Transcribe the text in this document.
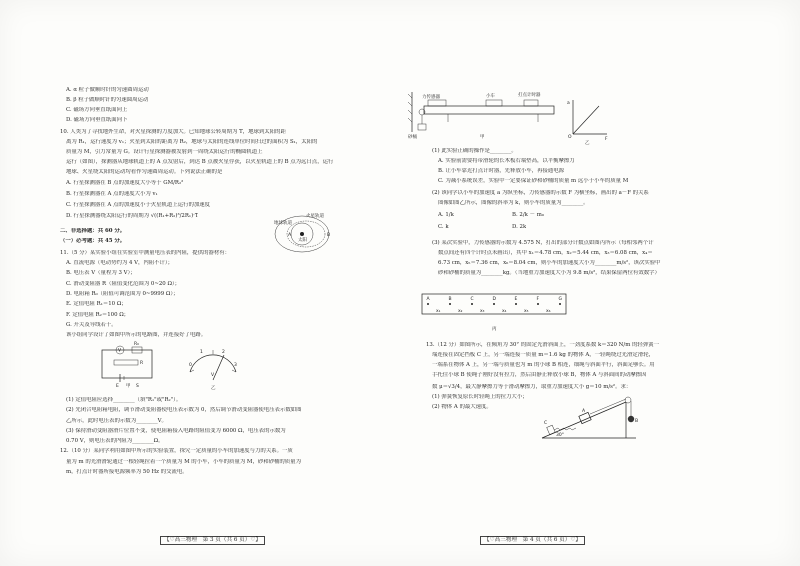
A. α 粒子做顺时针的匀速圆周运动
B. β 粒子做顺时针的匀速圆周运动
C. 磁场方向垂直纸面向上
D. 磁场方向垂直纸面向下
10. 人类为了寻找地外生命，对火星探测的力度加大。已知地球公转周期为 T，地球到太阳的距
离为 R₁，运行速度为 v₁；火星到太阳的距离为 R₂，地球与太阳的连线单位时间扫过的面积为 S₁，太阳的
质量为 M，引力常量为 G。设计行星探测器被发射到一周绕太阳运行的椭圆轨道上
运行（如图），探测器从地球轨道上的 A 点发射后，到达 B 点被火星俘获，以火星轨道上的 B 点为远日点，运行
地球、火星绕太阳的运动均看作匀速圆周运动。下列说法正确的是
A. 行星探测器在 B 点的加速度大小等于 GM/R₂²
B. 行星探测器在 A 点的速度大小为 v₁
C. 行星探测器在 A 点的加速度小于火星轨道上运行的加速度
D. 行星探测器绕太阳运行的周期为 √((R₁+R₂)³/2R₁)·T
二、非选择题：共 60 分。
（一）必考题：共 45 分。
11.（5 分）某实验小组在实验室中测量电压表的内阻，提供的器材有：
A. 直流电源（电动势约为 4 V，内阻不计）；
B. 电压表 V（量程为 3 V）；
C. 滑动变阻器 R（阻值变化范围为 0~20 Ω）；
D. 电阻箱 R₀（阻值可调范围为 0~9999 Ω）；
E. 定值电阻 R₁＝10 Ω；
F. 定值电阻 R₂＝100 Ω；
G. 开关及导线若干。
该小组同学设计了如图甲所示的电路图，并连接好了电路。
(1) 定值电阻应选择________（填"R₁"或"R₂"）。
(2) 先闭合电阻箱电阻，调节滑动变阻器使电压表示数为 0，然后调节滑动变阻器使电压表示数如图
乙所示，此时电压表的示数为________V。
(3) 保持滑动变阻器滑片位置不变，使电阻箱接入电路的阻值变为 6000 Ω，电压表的示数为
0.70 V，则电压表的内阻为________Ω。
12.（10 分）某同学利用如图甲所示的实验装置，探究一定质量的小车的加速度与力的关系。一质
量为 m 的光滑滑轮通过一根轻绳拉着一个质量为 M 的小车，小车的质量为 M，砂和砂桶的质量为
m，打点计时器所接电源频率为 50 Hz 的交流电。
【♡高三物理　第 3 页（共 6 页）♡】
(1) 此实验正确的操作是________。
A. 实验前需要将带滑轮的长木板右端垫高，以平衡摩擦力
B. 让小车靠近打点计时器，先释放小车，再接通电源
C. 为减小系统误差，实验中一定要保证砂和砂桶的质量 m 远小于小车的质量 M
(2) 该同学以小车的加速度 a 为纵坐标，力传感器的示数 F 为横坐标，画出的 a－F 的关系
图像如图乙所示，图像的斜率为 k，则小车的质量为________。
A. 1/k	B. 2/k － m₀
C. k	D. 2k
(3) 某次实验中，力传感器的示数为 4.575 N，打出的部分计数点如图丙所示（每相邻两个计
数点间还有四个计时点未画出），其中 x₁＝4.78 cm，x₂＝5.44 cm，x₃＝6.08 cm，x₄＝
6.73 cm，x₅＝7.36 cm，x₆＝8.04 cm，则小车的加速度大小为________m/s²，该次实验中
砂和砂桶的质量为________kg。（当地重力加速度大小为 9.8 m/s²，结果保留两位有效数字）
13.（12 分）如图所示，在倾角为 30° 的固定光滑斜面上，一劲度系数 k＝320 N/m 的轻弹簧一
端连接在固定挡板 C 上，另一端连接一质量 m＝1.6 kg 的物体 A，一轻绳绕过光滑定滑轮，
一端系在物体 A 上，另一端与质量也为 m 的小球 B 相连，细绳与斜面平行，斜面足够长。用
手托住小球 B 使绳子刚好没有拉力，然后由静止释放小球 B，物体 A 与斜面间的动摩擦因
数 μ＝√3/4，最大静摩擦力等于滑动摩擦力，取重力加速度大小 g＝10 m/s²。求：
(1) 弹簧恢复原长时轻绳上的拉力大小；
(2) 物体 A 的最大速度。
【♡高三物理　第 4 页（共 6 页）♡】
火星轨道
地球轨道
太阳
A	B
V
R₀
R
E	S
甲
0
1	2
3
V
乙
力传感器	小车	打点计时器
砂桶	甲
a
O	F
乙
A
x₁
B
x₂
C
x₃
D
x₄
E
x₅
F
x₆
G
丙
C
A
B
30°
